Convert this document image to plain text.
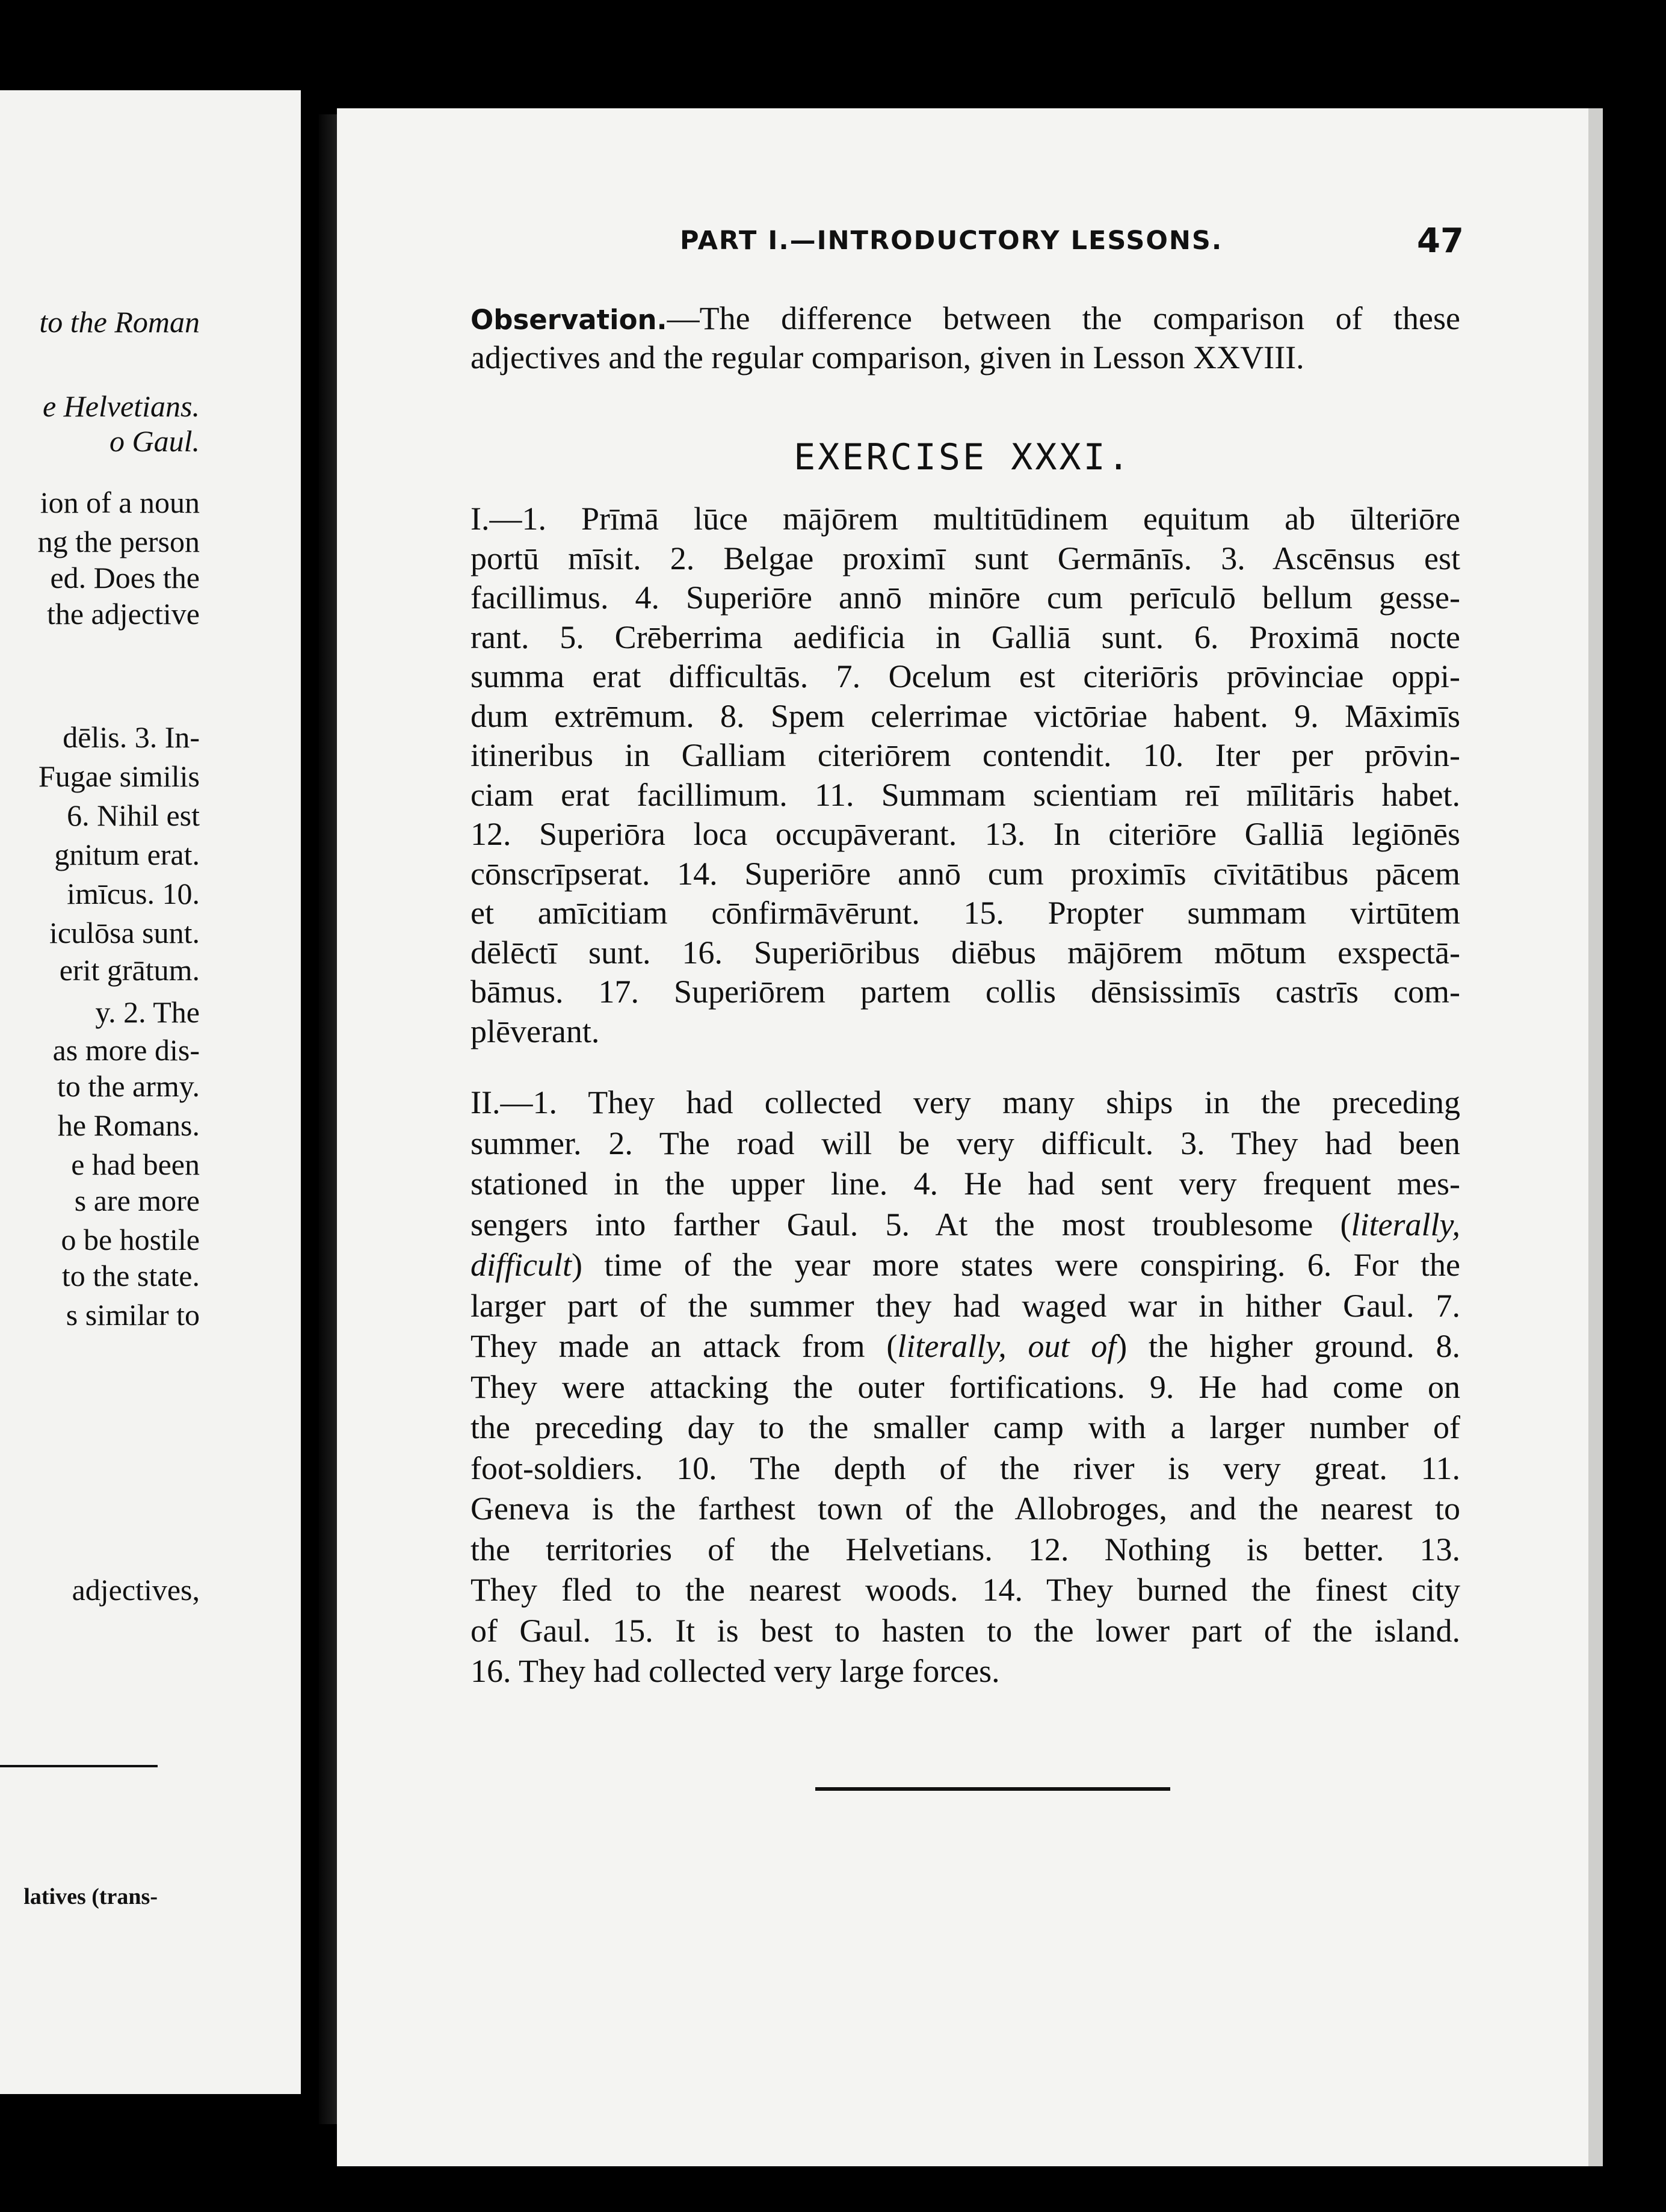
to the Roman
e Helvetians.
o Gaul.
ion of a noun
ng the person
ed. Does the
the adjective
dēlis. 3. In-
Fugae similis
6. Nihil est
gnitum erat.
imīcus. 10.
iculōsa sunt.
erit grātum.
y. 2. The
as more dis-
to the army.
he Romans.
e had been
s are more
o be hostile
to the state.
s similar to
adjectives,
latives (trans-
PART I.—INTRODUCTORY LESSONS.	47
Observation.—The difference between the comparison of these
adjectives and the regular comparison, given in Lesson XXVIII.
EXERCISE XXXI.
I.—1. Prīmā lūce mājōrem multitūdinem equitum ab ūlteriōre
portū mīsit. 2. Belgae proximī sunt Germānīs. 3. Ascēnsus est
facillimus. 4. Superiōre annō minōre cum perīculō bellum gesse-
rant. 5. Crēberrima aedificia in Galliā sunt. 6. Proximā nocte
summa erat difficultās. 7. Ocelum est citeriōris prōvinciae oppi-
dum extrēmum. 8. Spem celerrimae victōriae habent. 9. Māximīs
itineribus in Galliam citeriōrem contendit. 10. Iter per prōvin-
ciam erat facillimum. 11. Summam scientiam reī mīlitāris habet.
12. Superiōra loca occupāverant. 13. In citeriōre Galliā legiōnēs
cōnscrīpserat. 14. Superiōre annō cum proximīs cīvitātibus pācem
et amīcitiam cōnfirmāvērunt. 15. Propter summam virtūtem
dēlēctī sunt. 16. Superiōribus diēbus mājōrem mōtum exspectā-
bāmus. 17. Superiōrem partem collis dēnsissimīs castrīs com-
plēverant.
II.—1. They had collected very many ships in the preceding
summer. 2. The road will be very difficult. 3. They had been
stationed in the upper line. 4. He had sent very frequent mes-
sengers into farther Gaul. 5. At the most troublesome (literally,
difficult) time of the year more states were conspiring. 6. For the
larger part of the summer they had waged war in hither Gaul. 7.
They made an attack from (literally, out of) the higher ground. 8.
They were attacking the outer fortifications. 9. He had come on
the preceding day to the smaller camp with a larger number of
foot-soldiers. 10. The depth of the river is very great. 11.
Geneva is the farthest town of the Allobroges, and the nearest to
the territories of the Helvetians. 12. Nothing is better. 13.
They fled to the nearest woods. 14. They burned the finest city
of Gaul. 15. It is best to hasten to the lower part of the island.
16. They had collected very large forces.
